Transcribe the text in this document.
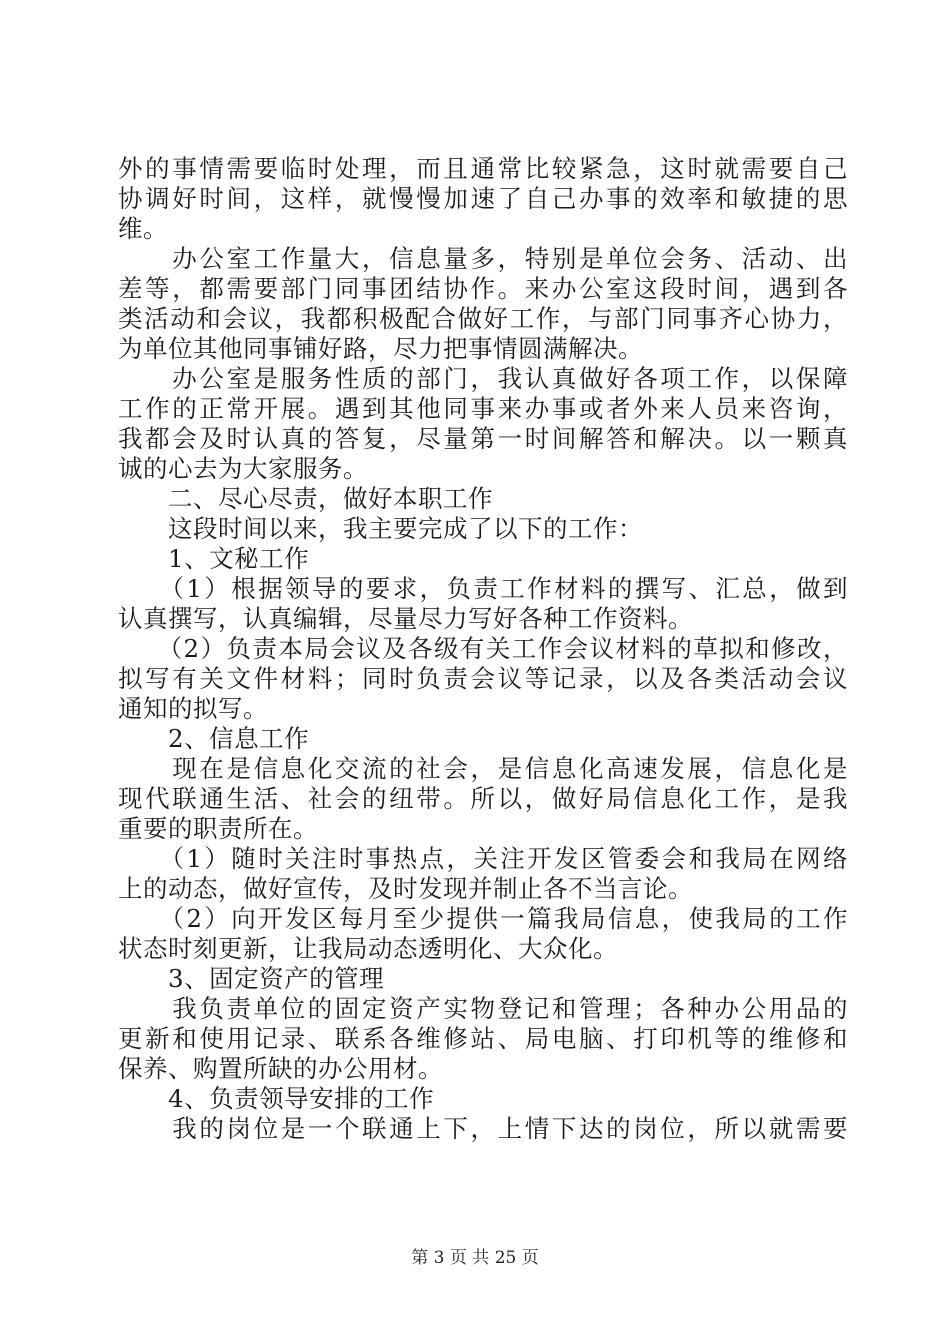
外的事情需要临时处理，而且通常比较紧急，这时就需要自己
协调好时间，这样，就慢慢加速了自己办事的效率和敏捷的思
维。
　　办公室工作量大，信息量多，特别是单位会务、活动、出
差等，都需要部门同事团结协作。来办公室这段时间，遇到各
类活动和会议，我都积极配合做好工作，与部门同事齐心协力，
为单位其他同事铺好路，尽力把事情圆满解决。
　　办公室是服务性质的部门，我认真做好各项工作，以保障
工作的正常开展。遇到其他同事来办事或者外来人员来咨询，
我都会及时认真的答复，尽量第一时间解答和解决。以一颗真
诚的心去为大家服务。
　　二、尽心尽责，做好本职工作
　　这段时间以来，我主要完成了以下的工作：
　　1、文秘工作
　　（1）根据领导的要求，负责工作材料的撰写、汇总，做到
认真撰写，认真编辑，尽量尽力写好各种工作资料。
　　（2）负责本局会议及各级有关工作会议材料的草拟和修改，
拟写有关文件材料；同时负责会议等记录，以及各类活动会议
通知的拟写。
　　2、信息工作
　　现在是信息化交流的社会，是信息化高速发展，信息化是
现代联通生活、社会的纽带。所以，做好局信息化工作，是我
重要的职责所在。
　　（1）随时关注时事热点，关注开发区管委会和我局在网络
上的动态，做好宣传，及时发现并制止各不当言论。
　　（2）向开发区每月至少提供一篇我局信息，使我局的工作
状态时刻更新，让我局动态透明化、大众化。
　　3、固定资产的管理
　　我负责单位的固定资产实物登记和管理；各种办公用品的
更新和使用记录、联系各维修站、局电脑、打印机等的维修和
保养、购置所缺的办公用材。
　　4、负责领导安排的工作
　　我的岗位是一个联通上下，上情下达的岗位，所以就需要
第 3 页 共 25 页
